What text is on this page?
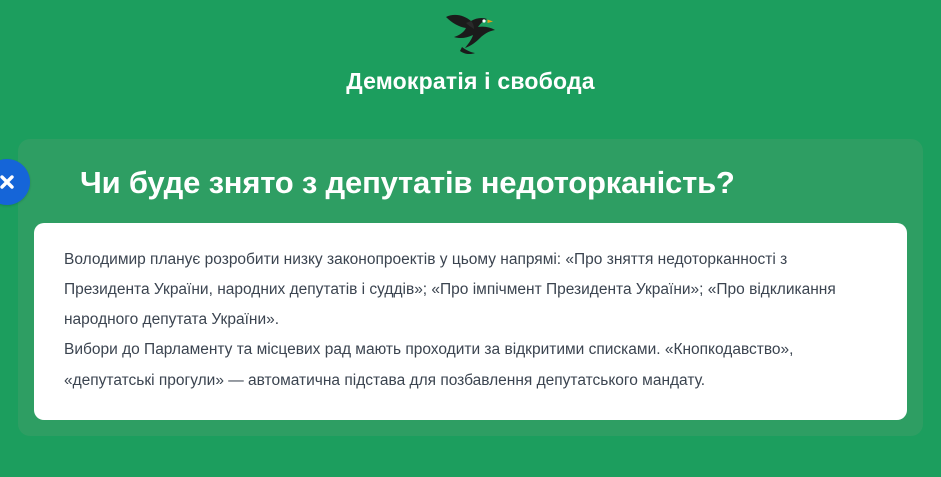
Демократія і свобода
Чи буде знято з депутатів недоторканість?

Володимир планує розробити низку законопроектів у цьому напрямі: «Про зняття недоторканності з Президента України, народних депутатів і суддів»; «Про імпічмент Президента України»; «Про відкликання народного депутата України».

Вибори до Парламенту та місцевих рад мають проходити за відкритими списками. «Кнопкодавство», «депутатські прогули» — автоматична підстава для позбавлення депутатського мандату.
